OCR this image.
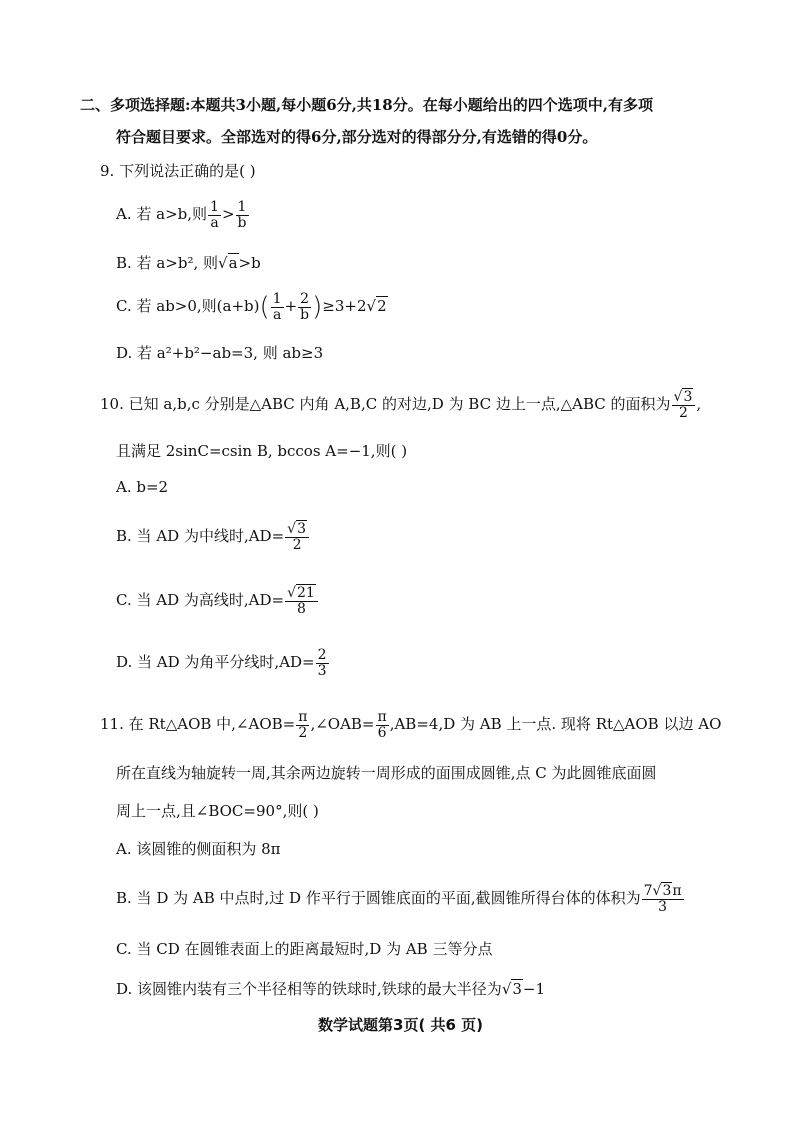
二、多项选择题:本题共3小题,每小题6分,共18分。在每小题给出的四个选项中,有多项
符合题目要求。全部选对的得6分,部分选对的得部分分,有选错的得0分。
9. 下列说法正确的是( )
A. 若 a>b,则 $\frac{1}{a} > \frac{1}{b}$
B. 若 a>b², 则√a>b
C. 若 ab>0,则$(a+b)( \frac{1}{a} + \frac{2}{b} )\ge 3+2√2$
D. 若 a²+b²−ab=3, 则 ab≥3
10. 已知 a,b,c 分别是△ABC 内角 A,B,C 的对边,D 为 BC 边上一点,△ABC 的面积为 $\frac{√3}{2}$ ,
且满足 2sinC=csin B, bccos A=−1,则( )
A. b=2
B. 当 AD 为中线时$,AD= \frac{√3}{2}$
C. 当 AD 为高线时$,AD= \frac{√21}{8}$
D. 当 AD 为角平分线时$,AD= \frac{2}{3}$
11. 在 Rt△AOB 中,∠AOB= $\frac{\pi}{2}$ ,∠OAB= $\frac{\pi}{6} ,AB=4,D$ 为 AB 上一点. 现将 Rt△AOB 以边 AO
所在直线为轴旋转一周,其余两边旋转一周形成的面围成圆锥,点 C 为此圆锥底面圆
周上一点,且∠BOC=90°,则( )
A. 该圆锥的侧面积为 8π
B. 当 D 为 AB 中点时,过 D 作平行于圆锥底面的平面,截圆锥所得台体的体积为 $\frac{7√3\pi}{3}$
C. 当 CD 在圆锥表面上的距离最短时,D 为 AB 三等分点
D. 该圆锥内装有三个半径相等的铁球时,铁球的最大半径为√3−1
数学试题第3页( 共6 页)
